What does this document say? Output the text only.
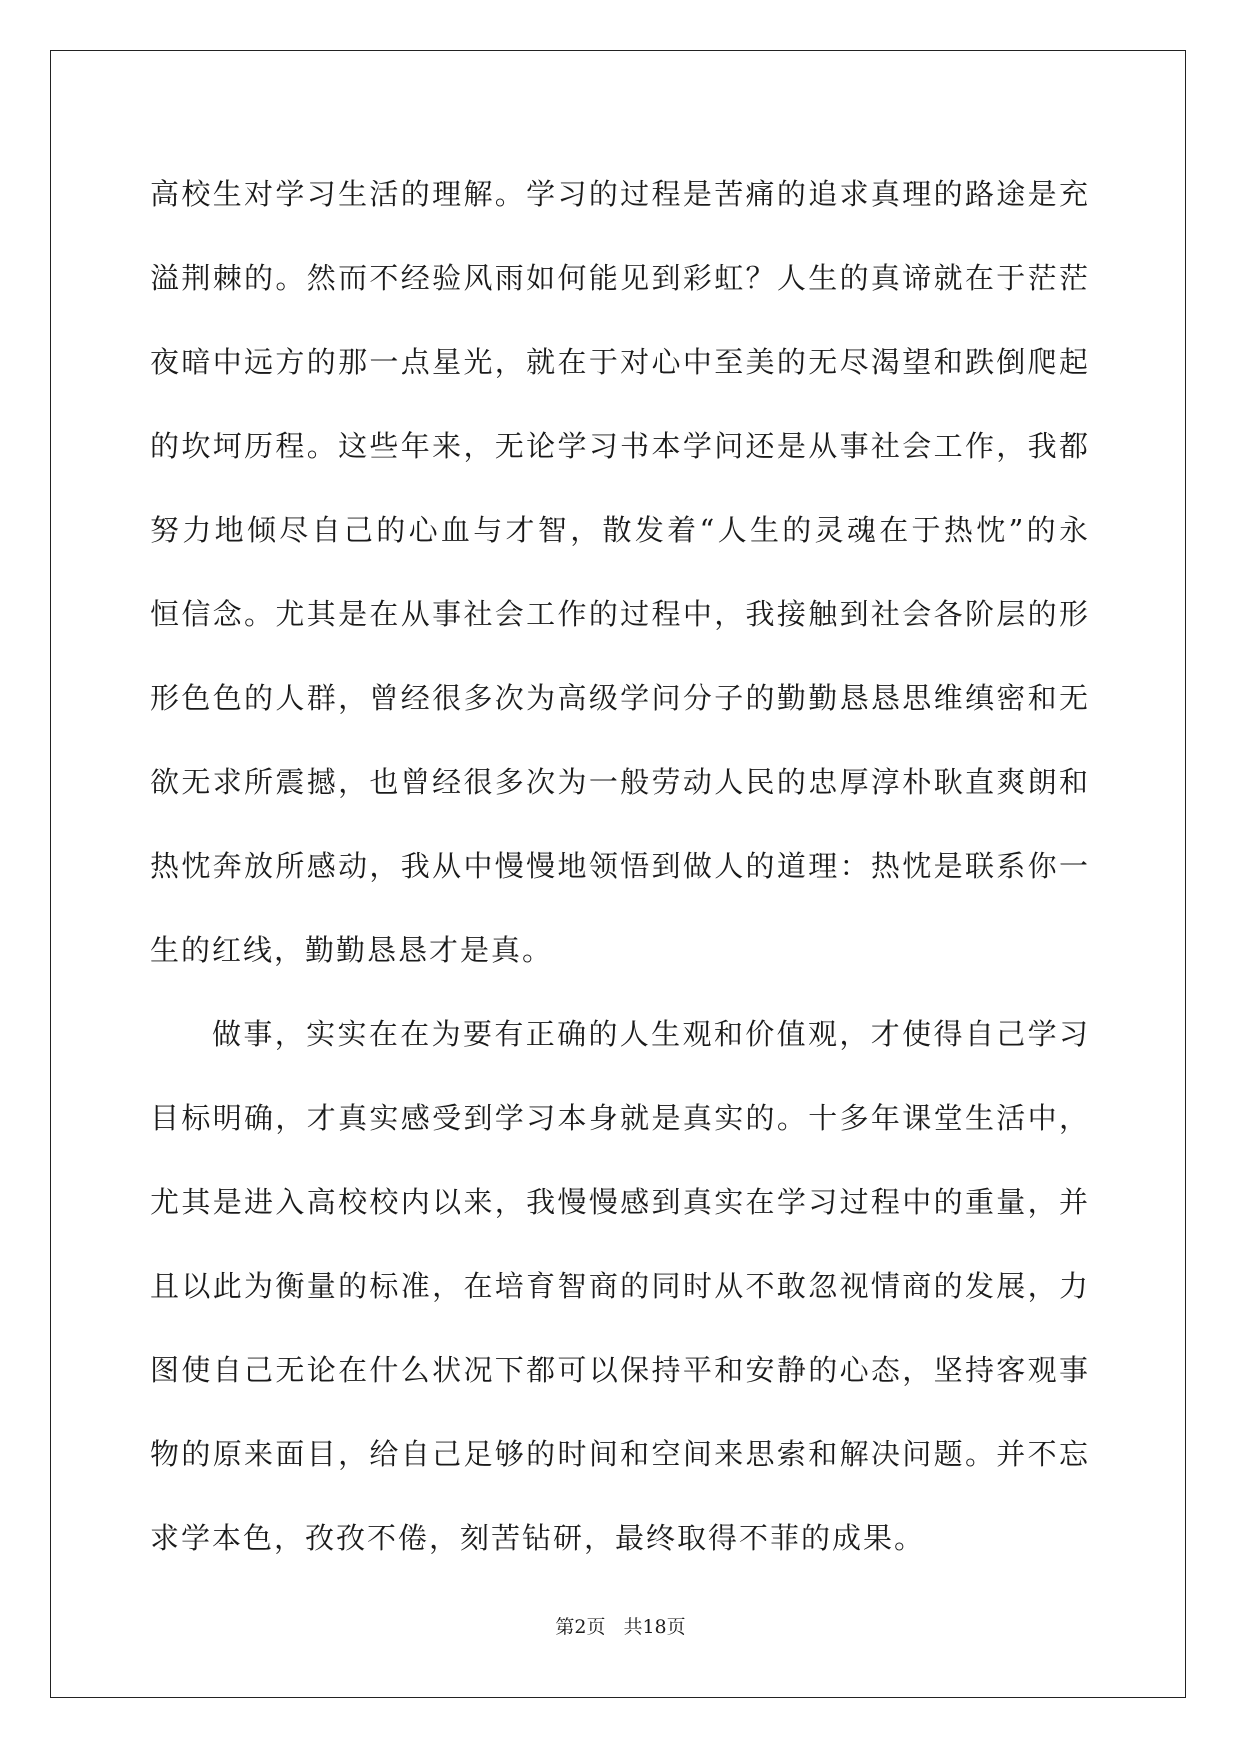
高校生对学习生活的理解。学习的过程是苦痛的追求真理的路途是充
溢荆棘的。然而不经验风雨如何能见到彩虹？人生的真谛就在于茫茫
夜暗中远方的那一点星光，就在于对心中至美的无尽渴望和跌倒爬起
的坎坷历程。这些年来，无论学习书本学问还是从事社会工作，我都
努力地倾尽自己的心血与才智，散发着“人生的灵魂在于热忱”的永
恒信念。尤其是在从事社会工作的过程中，我接触到社会各阶层的形
形色色的人群，曾经很多次为高级学问分子的勤勤恳恳思维缜密和无
欲无求所震撼，也曾经很多次为一般劳动人民的忠厚淳朴耿直爽朗和
热忱奔放所感动，我从中慢慢地领悟到做人的道理：热忱是联系你一
生的红线，勤勤恳恳才是真。
做事，实实在在为要有正确的人生观和价值观，才使得自己学习
目标明确，才真实感受到学习本身就是真实的。十多年课堂生活中，
尤其是进入高校校内以来，我慢慢感到真实在学习过程中的重量，并
且以此为衡量的标准，在培育智商的同时从不敢忽视情商的发展，力
图使自己无论在什么状况下都可以保持平和安静的心态，坚持客观事
物的原来面目，给自己足够的时间和空间来思索和解决问题。并不忘
求学本色，孜孜不倦，刻苦钻研，最终取得不菲的成果。
第2页 共18页
